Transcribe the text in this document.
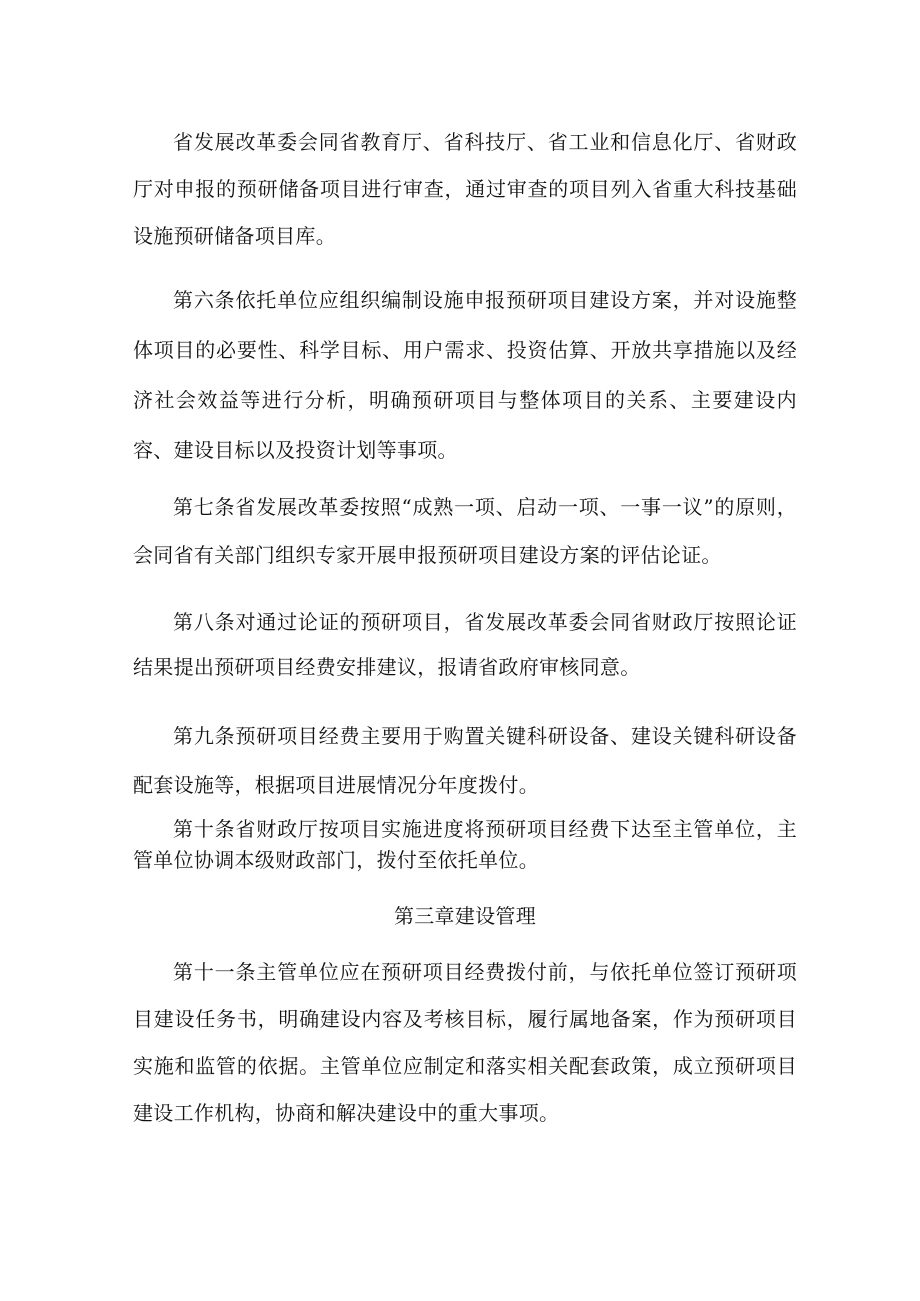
省发展改革委会同省教育厅、省科技厅、省工业和信息化厅、省财政厅对申报的预研储备项目进行审查，通过审查的项目列入省重大科技基础设施预研储备项目库。

第六条依托单位应组织编制设施申报预研项目建设方案，并对设施整体项目的必要性、科学目标、用户需求、投资估算、开放共享措施以及经济社会效益等进行分析，明确预研项目与整体项目的关系、主要建设内容、建设目标以及投资计划等事项。

第七条省发展改革委按照“成熟一项、启动一项、一事一议”的原则，会同省有关部门组织专家开展申报预研项目建设方案的评估论证。

第八条对通过论证的预研项目，省发展改革委会同省财政厅按照论证结果提出预研项目经费安排建议，报请省政府审核同意。

第九条预研项目经费主要用于购置关键科研设备、建设关键科研设备配套设施等，根据项目进展情况分年度拨付。

第十条省财政厅按项目实施进度将预研项目经费下达至主管单位，主管单位协调本级财政部门，拨付至依托单位。

第三章建设管理

第十一条主管单位应在预研项目经费拨付前，与依托单位签订预研项目建设任务书，明确建设内容及考核目标，履行属地备案，作为预研项目实施和监管的依据。主管单位应制定和落实相关配套政策，成立预研项目建设工作机构，协商和解决建设中的重大事项。
